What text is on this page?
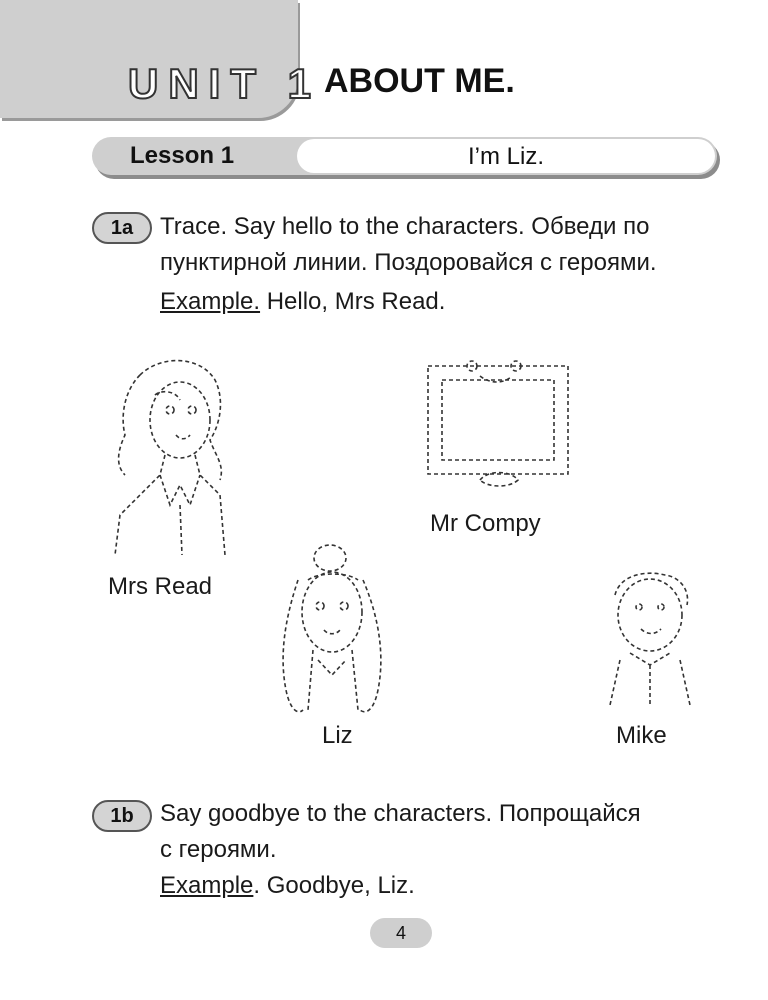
UNIT 1 ABOUT ME.
Lesson 1	I’m Liz.
1a	Trace. Say hello to the characters. Обведи по
пунктирной линии. Поздоровайся с героями.
Example. Hello, Mrs Read.
Mrs Read
Mr Compy
Liz	Mike
1b	Say goodbye to the characters. Попрощайся
с героями.
Example. Goodbye, Liz.
4
